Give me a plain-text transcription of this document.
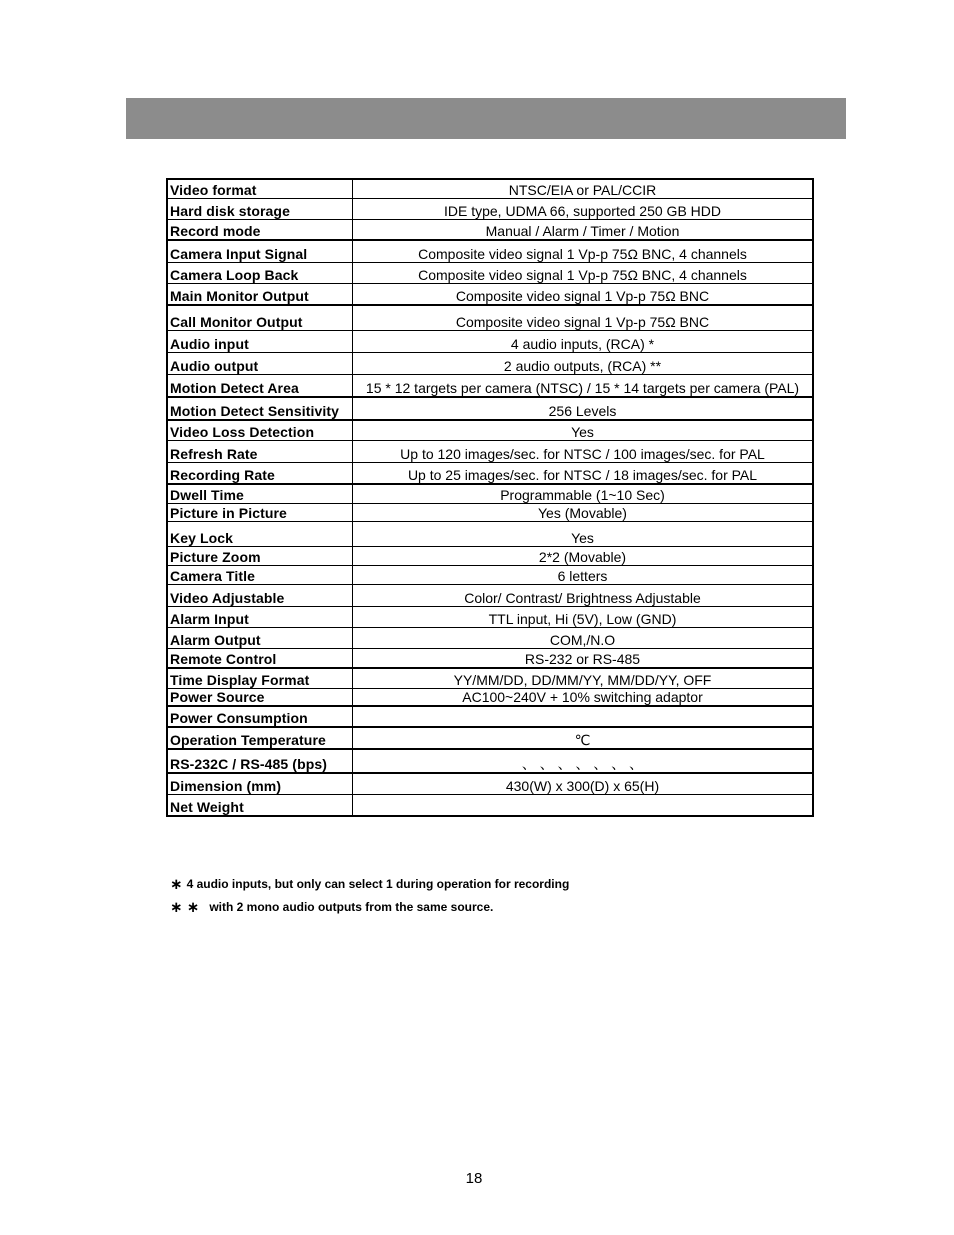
Video format	NTSC/EIA or PAL/CCIR
Hard disk storage	IDE type, UDMA 66, supported 250 GB HDD
Record mode	Manual / Alarm / Timer / Motion
Camera Input Signal	Composite video signal 1 Vp-p 75Ω BNC, 4 channels
Camera Loop Back	Composite video signal 1 Vp-p 75Ω BNC, 4 channels
Main Monitor Output	Composite video signal 1 Vp-p 75Ω BNC
Call Monitor Output	Composite video signal 1 Vp-p 75Ω BNC
Audio input	4 audio inputs, (RCA) *
Audio output	2 audio outputs, (RCA) **
Motion Detect Area	15 * 12 targets per camera (NTSC) / 15 * 14 targets per camera (PAL)
Motion Detect Sensitivity	256 Levels
Video Loss Detection	Yes
Refresh Rate	Up to 120 images/sec. for NTSC / 100 images/sec. for PAL
Recording Rate	Up to 25 images/sec. for NTSC / 18 images/sec. for PAL
Dwell Time	Programmable (1~10 Sec)
Picture in Picture	Yes (Movable)
Key Lock	Yes
Picture Zoom	2*2 (Movable)
Camera Title	6 letters
Video Adjustable	Color/ Contrast/ Brightness Adjustable
Alarm Input	TTL input, Hi (5V), Low (GND)
Alarm Output	COM,/N.O
Remote Control	RS-232 or RS-485
Time Display Format	YY/MM/DD, DD/MM/YY, MM/DD/YY, OFF
Power Source	AC100~240V + 10% switching adaptor
Power Consumption	
Operation Temperature	℃
RS-232C / RS-485 (bps)	、 、 、 、 、 、 、
Dimension (mm)	430(W) x 300(D) x 65(H)
Net Weight	
∗ 4 audio inputs, but only can select 1 during operation for recording
∗ ∗ with 2 mono audio outputs from the same source.
18
